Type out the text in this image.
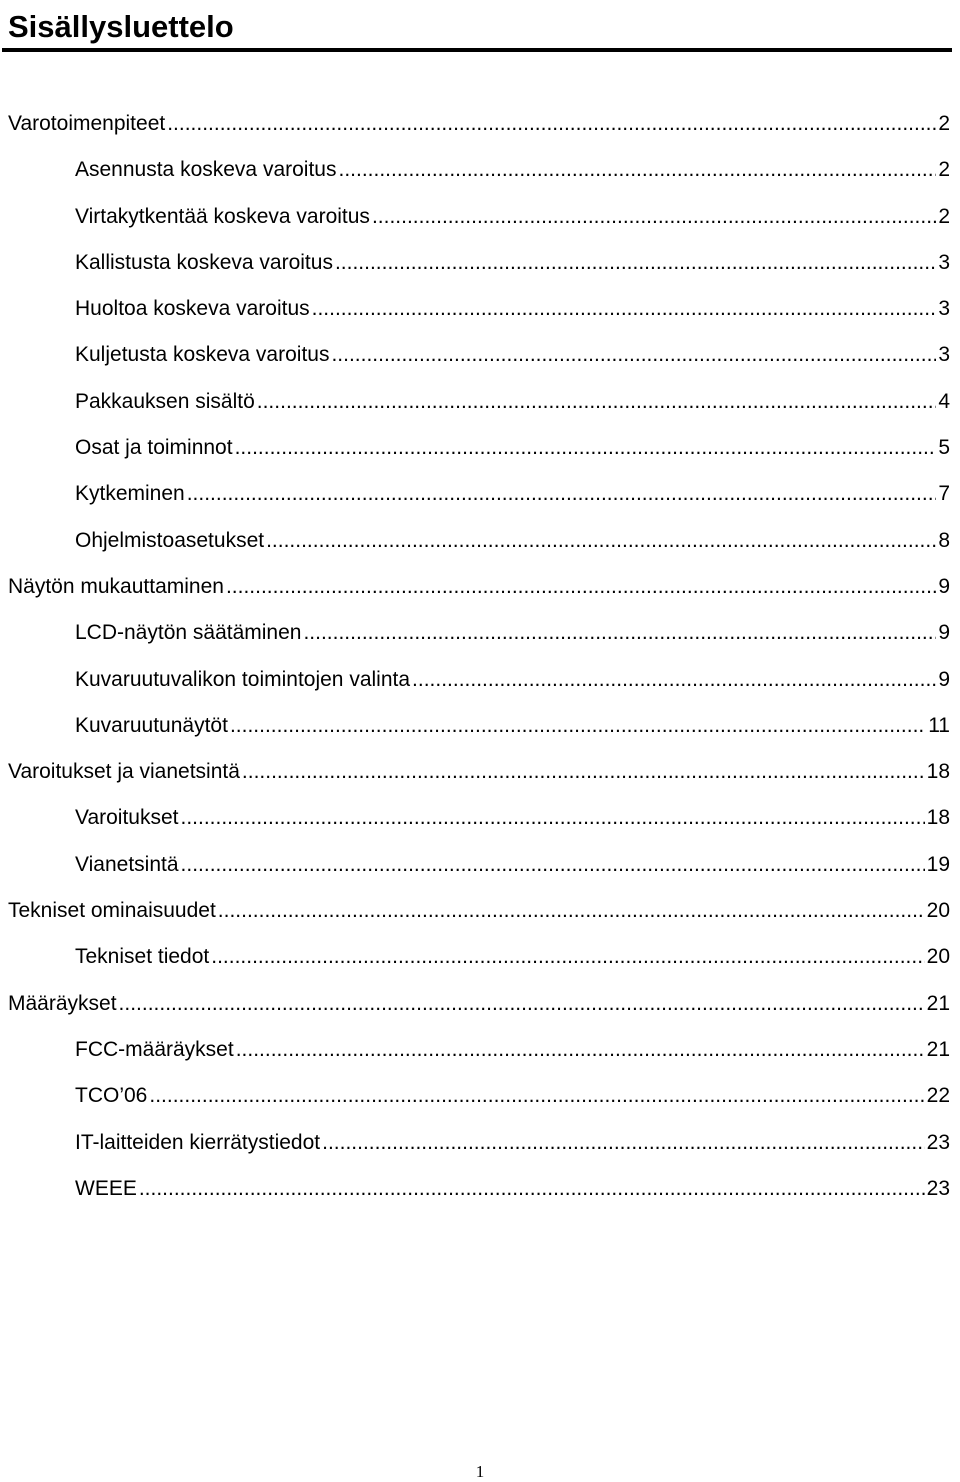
Sisällysluettelo
Varotoimenpiteet .....	2
Asennusta koskeva varoitus .....	2
Virtakytkentää koskeva varoitus .....	2
Kallistusta koskeva varoitus .....	3
Huoltoa koskeva varoitus .....	3
Kuljetusta koskeva varoitus .....	3
Pakkauksen sisältö .....	4
Osat ja toiminnot .....	5
Kytkeminen .....	7
Ohjelmistoasetukset .....	8
Näytön mukauttaminen .....	9
LCD-näytön säätäminen .....	9
Kuvaruutuvalikon toimintojen valinta .....	9
Kuvaruutunäytöt .....	11
Varoitukset ja vianetsintä .....	18
Varoitukset .....	18
Vianetsintä .....	19
Tekniset ominaisuudet .....	20
Tekniset tiedot .....	20
Määräykset .....	21
FCC-määräykset .....	21
TCO’06 .....	22
IT-laitteiden kierrätystiedot .....	23
WEEE .....	23
1
